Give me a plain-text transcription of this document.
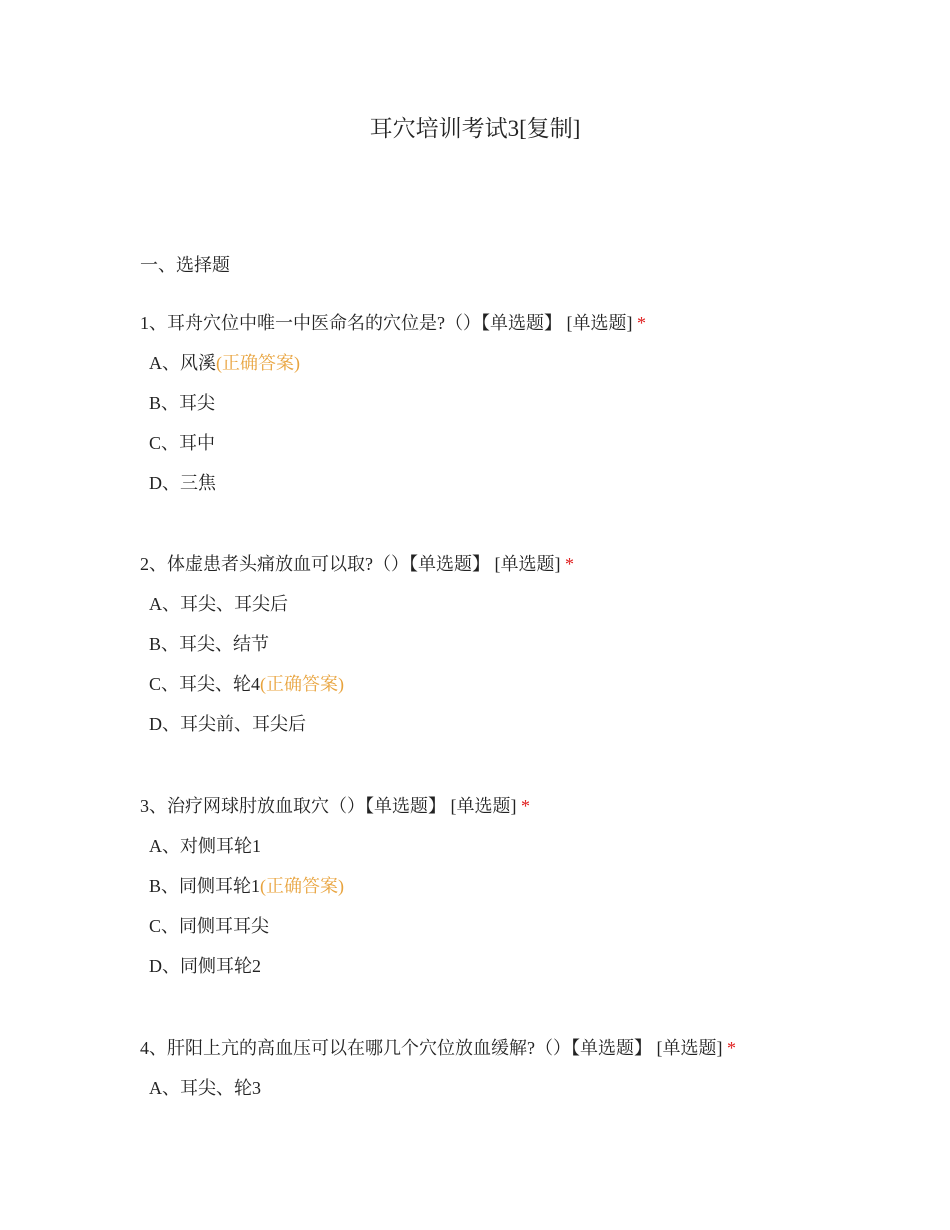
耳穴培训考试3[复制]
一、选择题
1、耳舟穴位中唯一中医命名的穴位是?（）【单选题】 [单选题] *
A、风溪(正确答案)
B、耳尖
C、耳中
D、三焦
2、体虚患者头痛放血可以取?（）【单选题】 [单选题] *
A、耳尖、耳尖后
B、耳尖、结节
C、耳尖、轮4(正确答案)
D、耳尖前、耳尖后
3、治疗网球肘放血取穴（）【单选题】 [单选题] *
A、对侧耳轮1
B、同侧耳轮1(正确答案)
C、同侧耳耳尖
D、同侧耳轮2
4、肝阳上亢的高血压可以在哪几个穴位放血缓解?（）【单选题】 [单选题] *
A、耳尖、轮3
